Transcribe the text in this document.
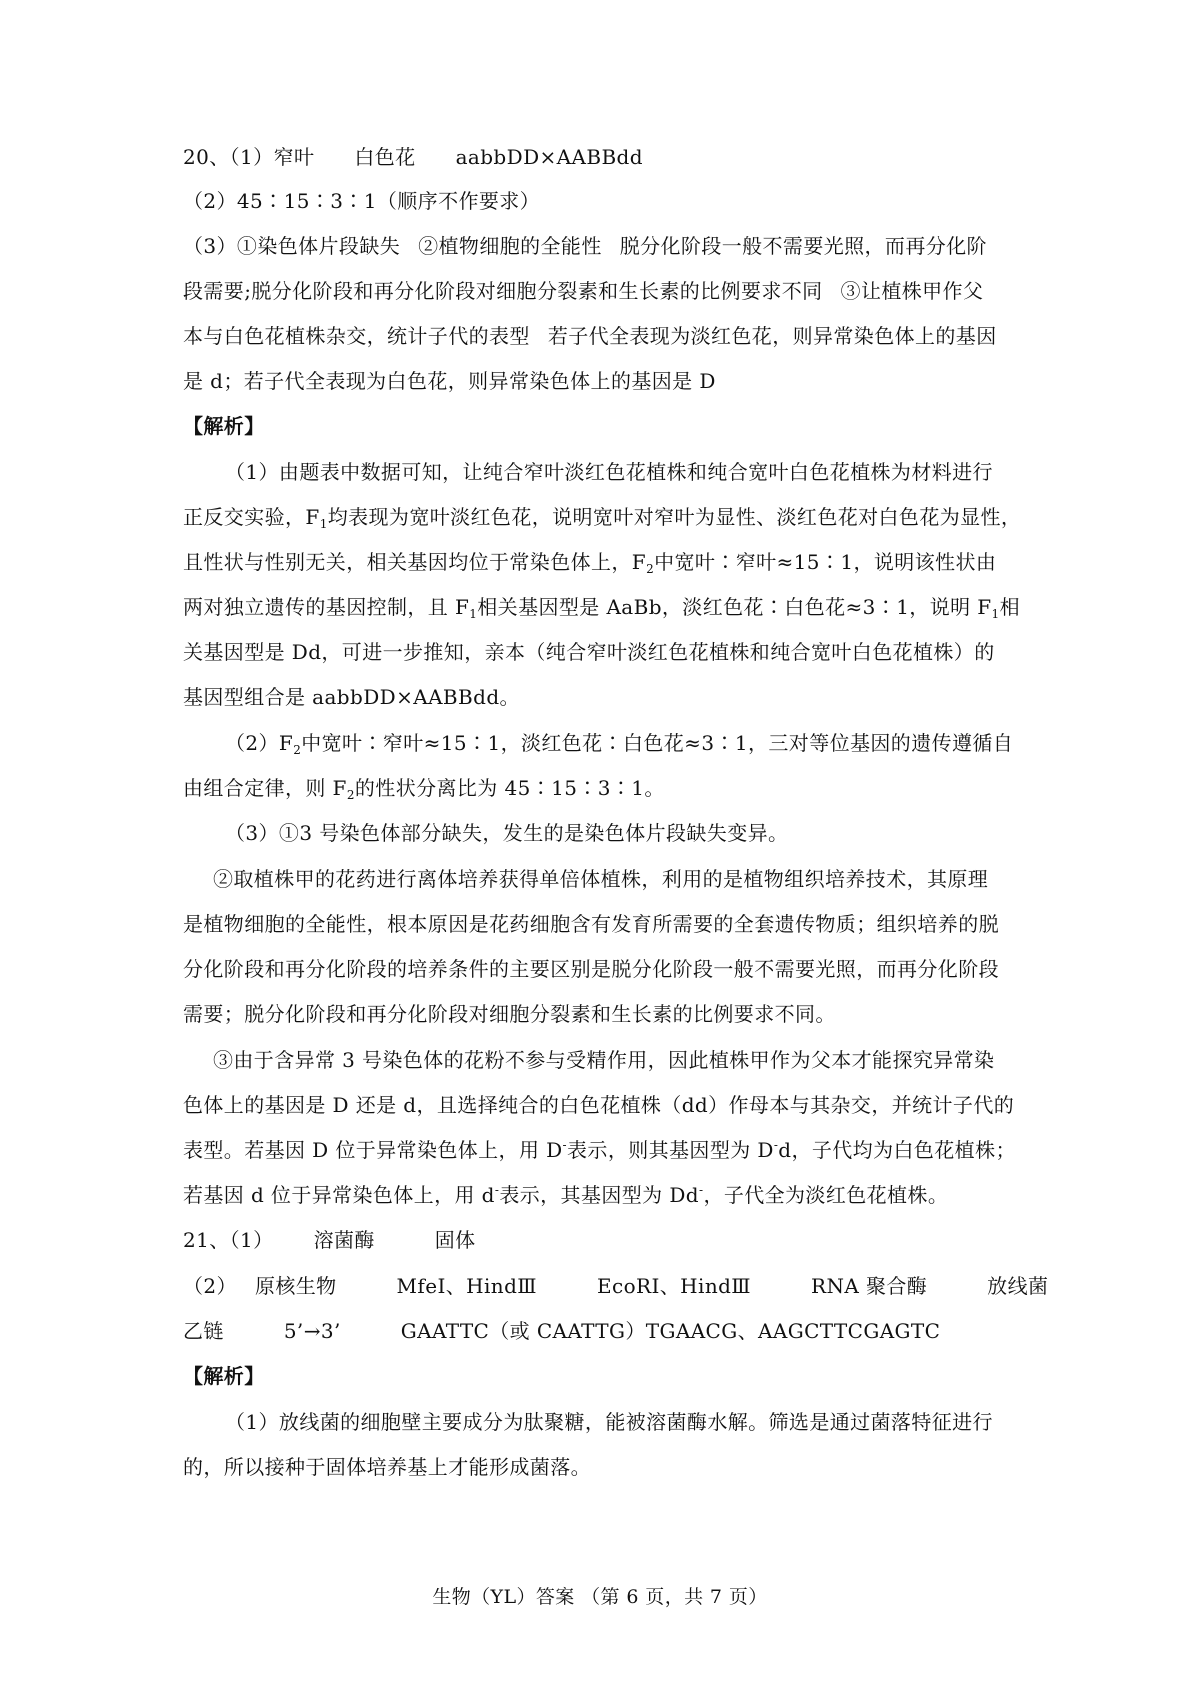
20、（1）窄叶 白色花 aabbDD×AABBdd
（2）45∶15∶3∶1（顺序不作要求）
（3）①染色体片段缺失 ②植物细胞的全能性 脱分化阶段一般不需要光照，而再分化阶
段需要;脱分化阶段和再分化阶段对细胞分裂素和生长素的比例要求不同 ③让植株甲作父
本与白色花植株杂交，统计子代的表型 若子代全表现为淡红色花，则异常染色体上的基因
是 d；若子代全表现为白色花，则异常染色体上的基因是 D
【解析】
（1）由题表中数据可知，让纯合窄叶淡红色花植株和纯合宽叶白色花植株为材料进行
正反交实验，$F_1$均表现为宽叶淡红色花，说明宽叶对窄叶为显性、淡红色花对白色花为显性，
且性状与性别无关，相关基因均位于常染色体上，$F_2$中宽叶∶窄叶≈15∶1，说明该性状由
两对独立遗传的基因控制，且 $F_1$相关基因型是 AaBb，淡红色花∶白色花≈3∶1，说明 $F_1$相
关基因型是 Dd，可进一步推知，亲本（纯合窄叶淡红色花植株和纯合宽叶白色花植株）的
基因型组合是 aabbDD×AABBdd。
$(2)F_2$中宽叶∶窄叶≈15∶1，淡红色花∶白色花≈3∶1，三对等位基因的遗传遵循自
由组合定律，则 $F_2$的性状分离比为 45∶15∶3∶1。
（3）①3 号染色体部分缺失，发生的是染色体片段缺失变异。
②取植株甲的花药进行离体培养获得单倍体植株，利用的是植物组织培养技术，其原理
是植物细胞的全能性，根本原因是花药细胞含有发育所需要的全套遗传物质；组织培养的脱
分化阶段和再分化阶段的培养条件的主要区别是脱分化阶段一般不需要光照，而再分化阶段
需要；脱分化阶段和再分化阶段对细胞分裂素和生长素的比例要求不同。
③由于含异常 3 号染色体的花粉不参与受精作用，因此植株甲作为父本才能探究异常染
色体上的基因是 D 还是 d，且选择纯合的白色花植株（dd）作母本与其杂交，并统计子代的
表型。若基因 D 位于异常染色体上，用 D-表示，则其基因型为 D-d，子代均为白色花植株；
若基因 d 位于异常染色体上，用 d-表示，其基因型为 Dd-，子代全为淡红色花植株。
21、（1） 溶菌酶	固体
（2） 原核生物	MfeI、HindⅢ	EcoRI、HindⅢ	RNA 聚合酶	放线菌
乙链	5’→3’	GAATTC（或 CAATTG）TGAACG、AAGCTTCGAGTC
【解析】
（1）放线菌的细胞壁主要成分为肽聚糖，能被溶菌酶水解。筛选是通过菌落特征进行
的，所以接种于固体培养基上才能形成菌落。
生物（YL）答案 （第 6 页，共 7 页）
